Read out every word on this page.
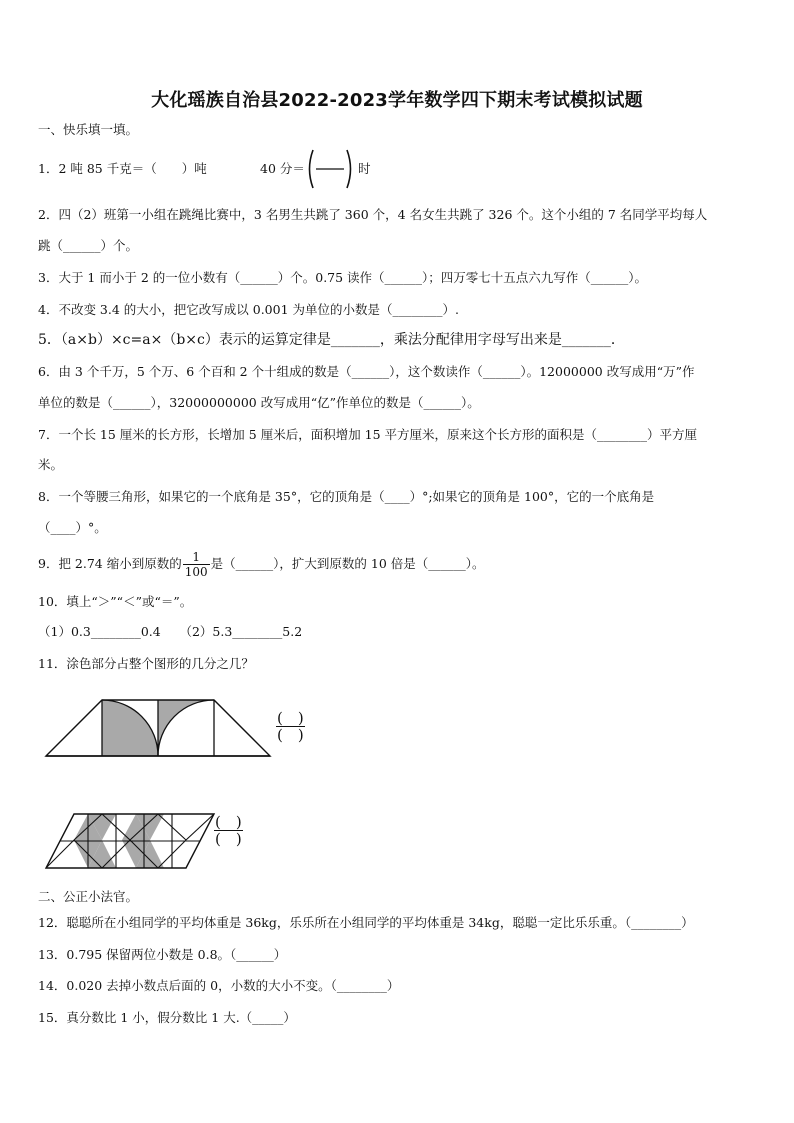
大化瑶族自治县2022-2023学年数学四下期末考试模拟试题
一、快乐填一填。
1．2 吨 85 千克＝（　　）吨	40 分＝	时
2．四（2）班第一小组在跳绳比赛中，3 名男生共跳了 360 个，4 名女生共跳了 326 个。这个小组的 7 名同学平均每人
跳（______）个。
3．大于 1 而小于 2 的一位小数有（______）个。0.75 读作（______）；四万零七十五点六九写作（______）。
4．不改变 3.4 的大小，把它改写成以 0.001 为单位的小数是（________）.
5．（a×b）×c=a×（b×c）表示的运算定律是_______，乘法分配律用字母写出来是_______．
6．由 3 个千万，5 个万、6 个百和 2 个十组成的数是（______），这个数读作（______）。12000000 改写成用“万”作
单位的数是（______），32000000000 改写成用“亿”作单位的数是（______）。
7．一个长 15 厘米的长方形，长增加 5 厘米后，面积增加 15 平方厘米，原来这个长方形的面积是（________）平方厘
米。
8．一个等腰三角形，如果它的一个底角是 35°，它的顶角是（____）°;如果它的顶角是 100°，它的一个底角是
（____）°。
9．把 2.74 缩小到原数的 $\frac{1}{100}$ 是（______），扩大到原数的 10 倍是（______）。
10．填上“＞”“＜”或“＝”。
（1）0.3________0.4　　（2）5.3________5.2
11．涂色部分占整个图形的几分之几？
(　)
(　)
(　)
(　)
二、公正小法官。
12．聪聪所在小组同学的平均体重是 36kg，乐乐所在小组同学的平均体重是 34kg，聪聪一定比乐乐重。（________）
13．0.795 保留两位小数是 0.8。（______）
14．0.020 去掉小数点后面的 0，小数的大小不变。（________）
15．真分数比 1 小，假分数比 1 大.（_____）
